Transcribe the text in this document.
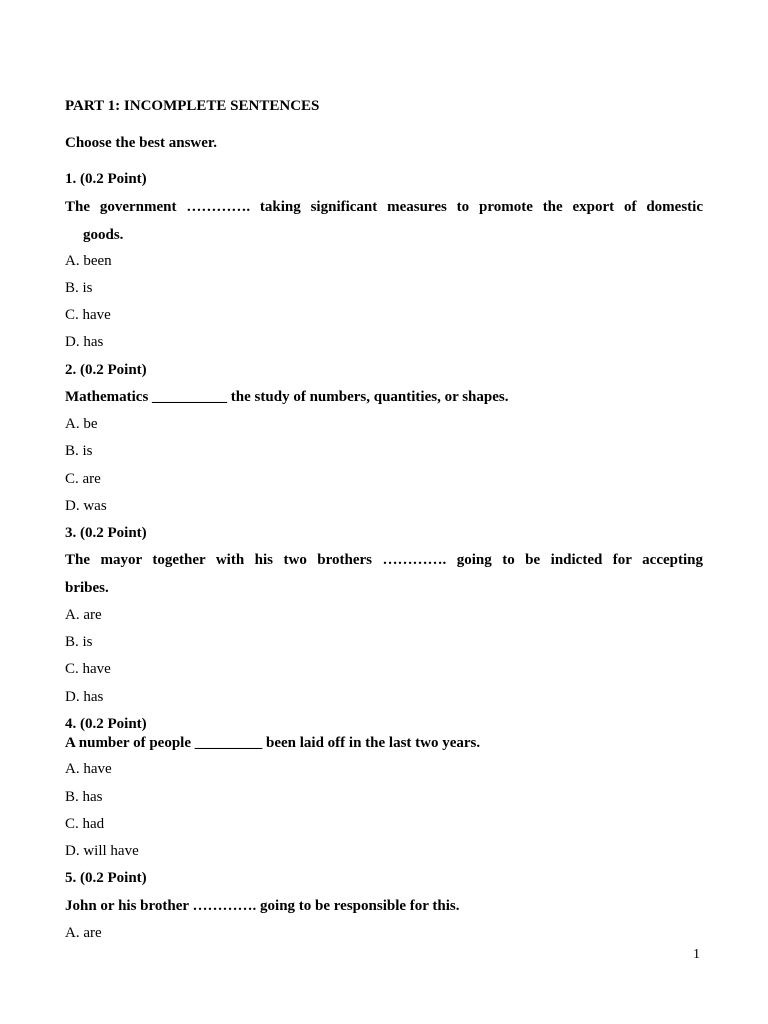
PART 1: INCOMPLETE SENTENCES
Choose the best answer.
1. (0.2 Point)
The government …………. taking significant measures to promote the export of domestic
goods.
A. been
B. is
C. have
D. has
2. (0.2 Point)
Mathematics __________ the study of numbers, quantities, or shapes.
A. be
B. is
C. are
D. was
3. (0.2 Point)
The mayor together with his two brothers …………. going to be indicted for accepting
bribes.
A. are
B. is
C. have
D. has
4. (0.2 Point)
A number of people _________ been laid off in the last two years.
A. have
B. has
C. had
D. will have
5. (0.2 Point)
John or his brother …………. going to be responsible for this.
A. are
1
